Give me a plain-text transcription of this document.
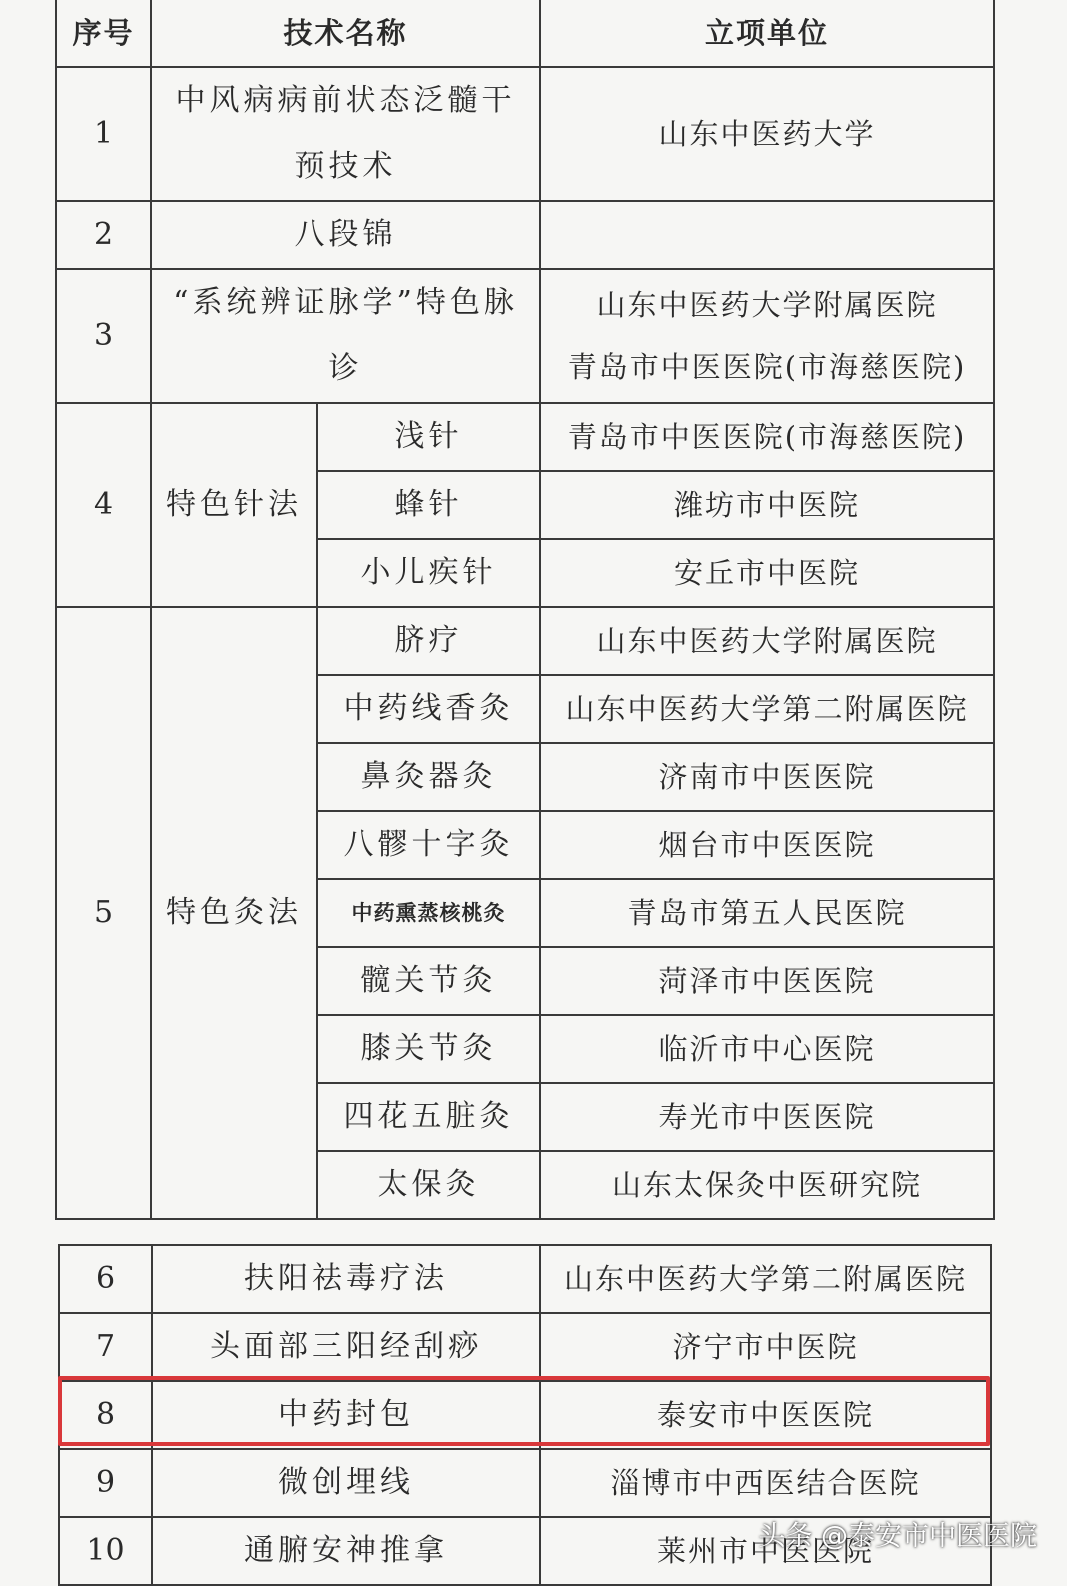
序号	技术名称		立项单位
1	中风病病前状态泛髓干预技术		山东中医药大学
2	八段锦		
3	“系统辨证脉学”特色脉诊		山东中医药大学附属医院
青岛市中医医院(市海慈医院)
4	特色针法	浅针	青岛市中医医院(市海慈医院)
		蜂针	潍坊市中医院
		小儿疾针	安丘市中医院
5	特色灸法	脐疗	山东中医药大学附属医院
		中药线香灸	山东中医药大学第二附属医院
		鼻灸器灸	济南市中医医院
		八髎十字灸	烟台市中医医院
		中药熏蒸核桃灸	青岛市第五人民医院
		髋关节灸	菏泽市中医医院
		膝关节灸	临沂市中心医院
		四花五脏灸	寿光市中医医院
		太保灸	山东太保灸中医研究院
6	扶阳祛毒疗法	山东中医药大学第二附属医院
7	头面部三阳经刮痧	济宁市中医院
8	中药封包	泰安市中医医院
9	微创埋线	淄博市中西医结合医院
10	通腑安神推拿	莱州市中医医院
头条 @泰安市中医医院
